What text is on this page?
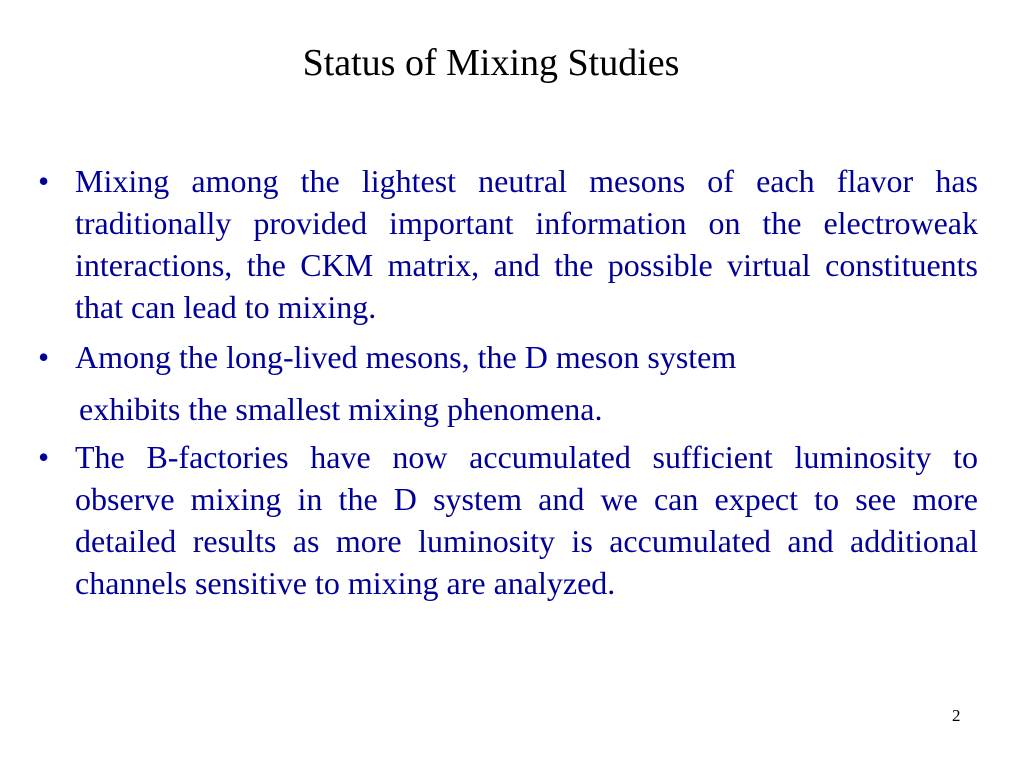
Status of Mixing Studies
• Mixing among the lightest neutral mesons of each flavor has traditionally provided important information on the electroweak interactions, the CKM matrix, and the possible virtual constituents that can lead to mixing.
• Among the long-lived mesons, the D meson system
exhibits the smallest mixing phenomena.
• The B-factories have now accumulated sufficient luminosity to observe mixing in the D system and we can expect to see more detailed results as more luminosity is accumulated and additional channels sensitive to mixing are analyzed.
2
